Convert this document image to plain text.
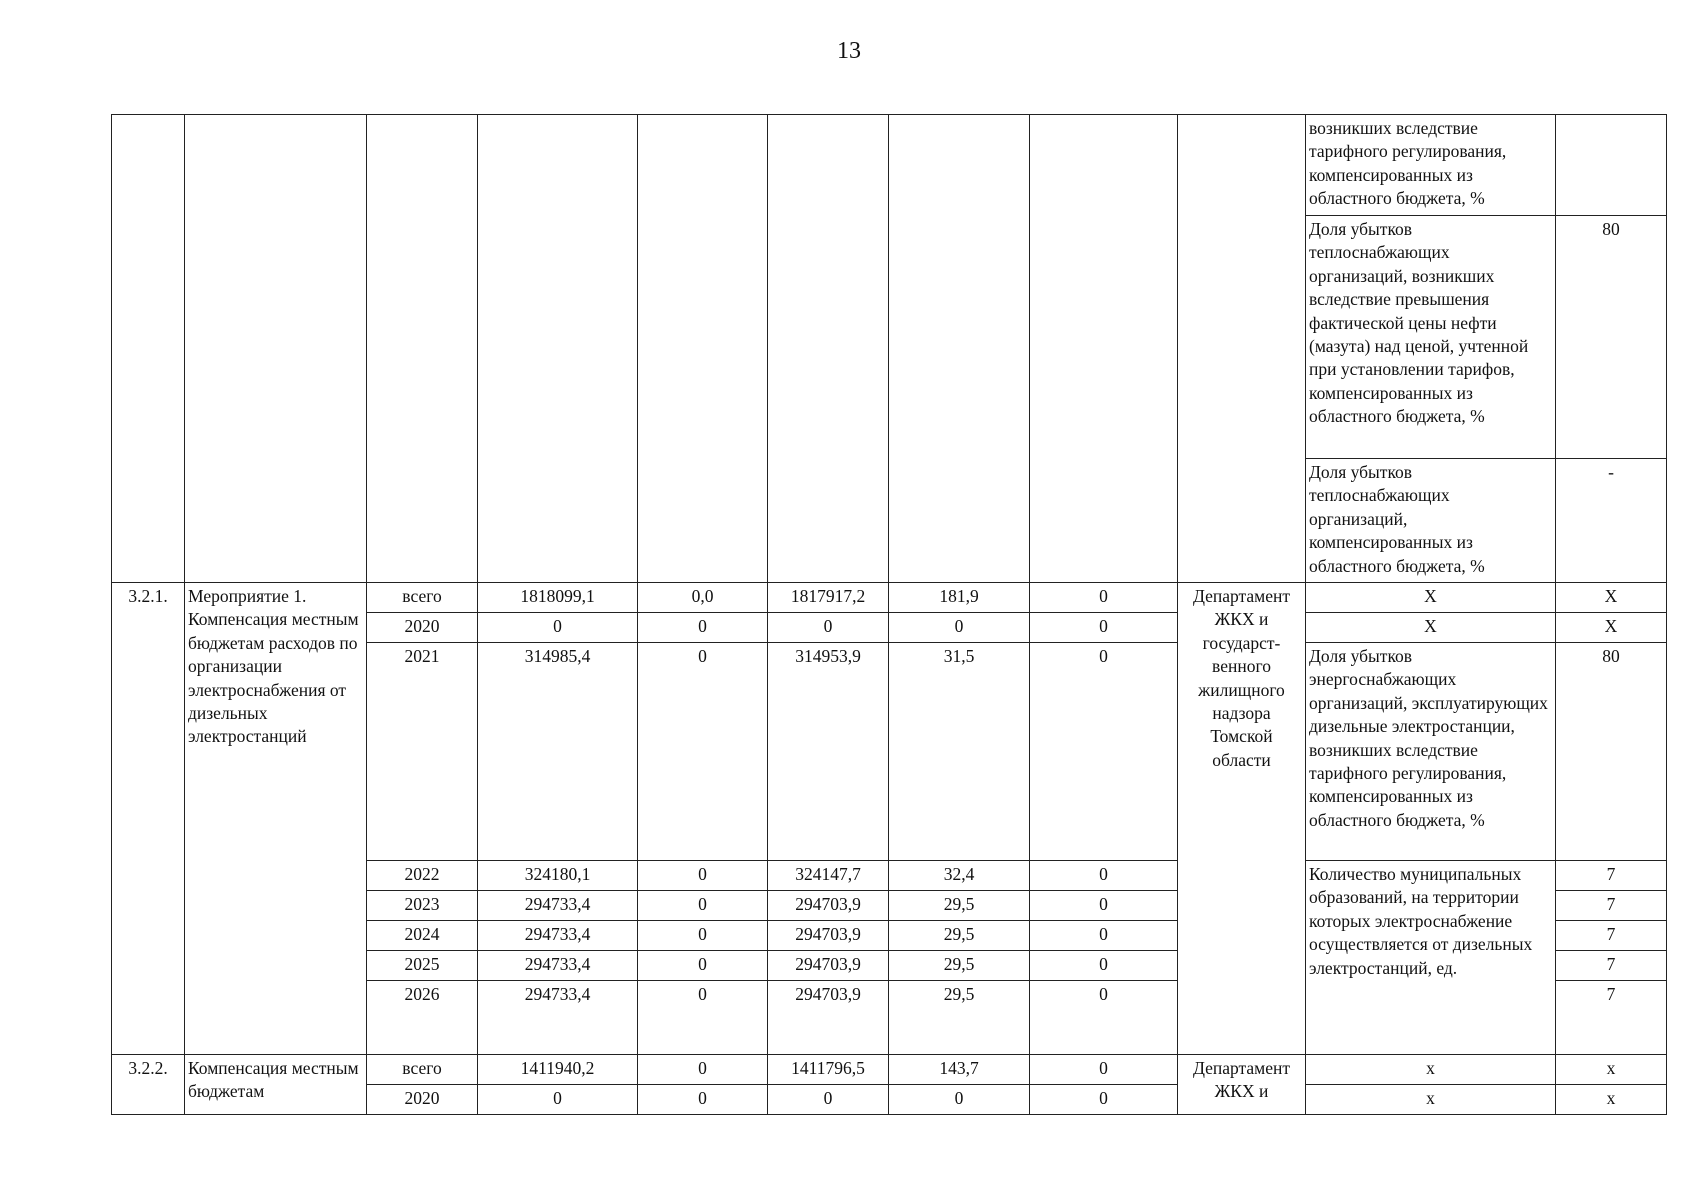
13
									возникших вследствие тарифного регулирования, компенсированных из областного бюджета, %	
									Доля убытков теплоснабжающих организаций, возникших вследствие превышения фактической цены нефти (мазута) над ценой, учтенной при установлении тарифов, компенсированных из областного бюджета, %	80
									Доля убытков теплоснабжающих организаций, компенсированных из областного бюджета, %	-
3.2.1.	Мероприятие 1. Компенсация местным бюджетам расходов по организации электроснабжения от дизельных электростанций	всего	1818099,1	0,0	1817917,2	181,9	0	Департамент ЖКХ и государст-венного жилищного надзора Томской области	Х	Х
		2020	0	0	0	0	0		Х	Х
		2021	314985,4	0	314953,9	31,5	0		Доля убытков энергоснабжающих организаций, эксплуатирующих дизельные электростанции, возникших вследствие тарифного регулирования, компенсированных из областного бюджета, %	80
		2022	324180,1	0	324147,7	32,4	0		Количество муниципальных образований, на территории которых электроснабжение осуществляется от дизельных электростанций, ед.	7
		2023	294733,4	0	294703,9	29,5	0			7
		2024	294733,4	0	294703,9	29,5	0			7
		2025	294733,4	0	294703,9	29,5	0			7
		2026	294733,4	0	294703,9	29,5	0			7
3.2.2.	Компенсация местным бюджетам	всего	1411940,2	0	1411796,5	143,7	0	Департамент ЖКХ и	х	х
		2020	0	0	0	0	0		х	х
